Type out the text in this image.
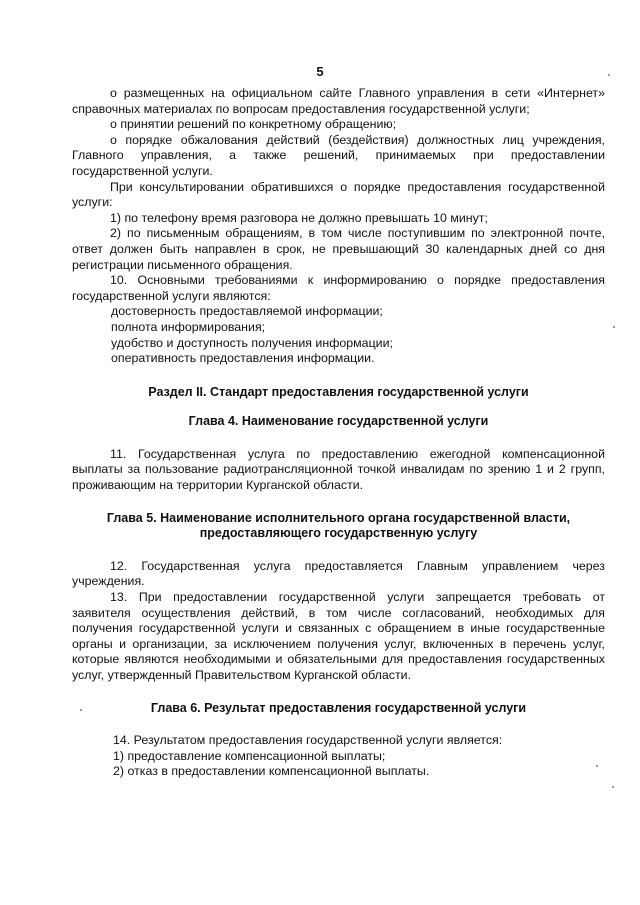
5

о размещенных на официальном сайте Главного управления в сети «Интернет» справочных материалах по вопросам предоставления государственной услуги;

о принятии решений по конкретному обращению;

о порядке обжалования действий (бездействия) должностных лиц учреждения, Главного управления, а также решений, принимаемых при предоставлении государственной услуги.

При консультировании обратившихся о порядке предоставления государственной услуги:

1) по телефону время разговора не должно превышать 10 минут;

2) по письменным обращениям, в том числе поступившим по электронной почте, ответ должен быть направлен в срок, не превышающий 30 календарных дней со дня регистрации письменного обращения.

10. Основными требованиями к информированию о порядке предоставления государственной услуги являются:

достоверность предоставляемой информации;

полнота информирования;

удобство и доступность получения информации;

оперативность предоставления информации.

Раздел II. Стандарт предоставления государственной услуги
Глава 4. Наименование государственной услуги

11. Государственная услуга по предоставлению ежегодной компенсационной выплаты за пользование радиотрансляционной точкой инвалидам по зрению 1 и 2 групп, проживающим на территории Курганской области.

Глава 5. Наименование исполнительного органа государственной власти,
предоставляющего государственную услугу

12. Государственная услуга предоставляется Главным управлением через учреждения.

13. При предоставлении государственной услуги запрещается требовать от заявителя осуществления действий, в том числе согласований, необходимых для получения государственной услуги и связанных с обращением в иные государственные органы и организации, за исключением получения услуг, включенных в перечень услуг, которые являются необходимыми и обязательными для предоставления государственных услуг, утвержденный Правительством Курганской области.

Глава 6. Результат предоставления государственной услуги

14. Результатом предоставления государственной услуги является:

1) предоставление компенсационной выплаты;

2) отказ в предоставлении компенсационной выплаты.
